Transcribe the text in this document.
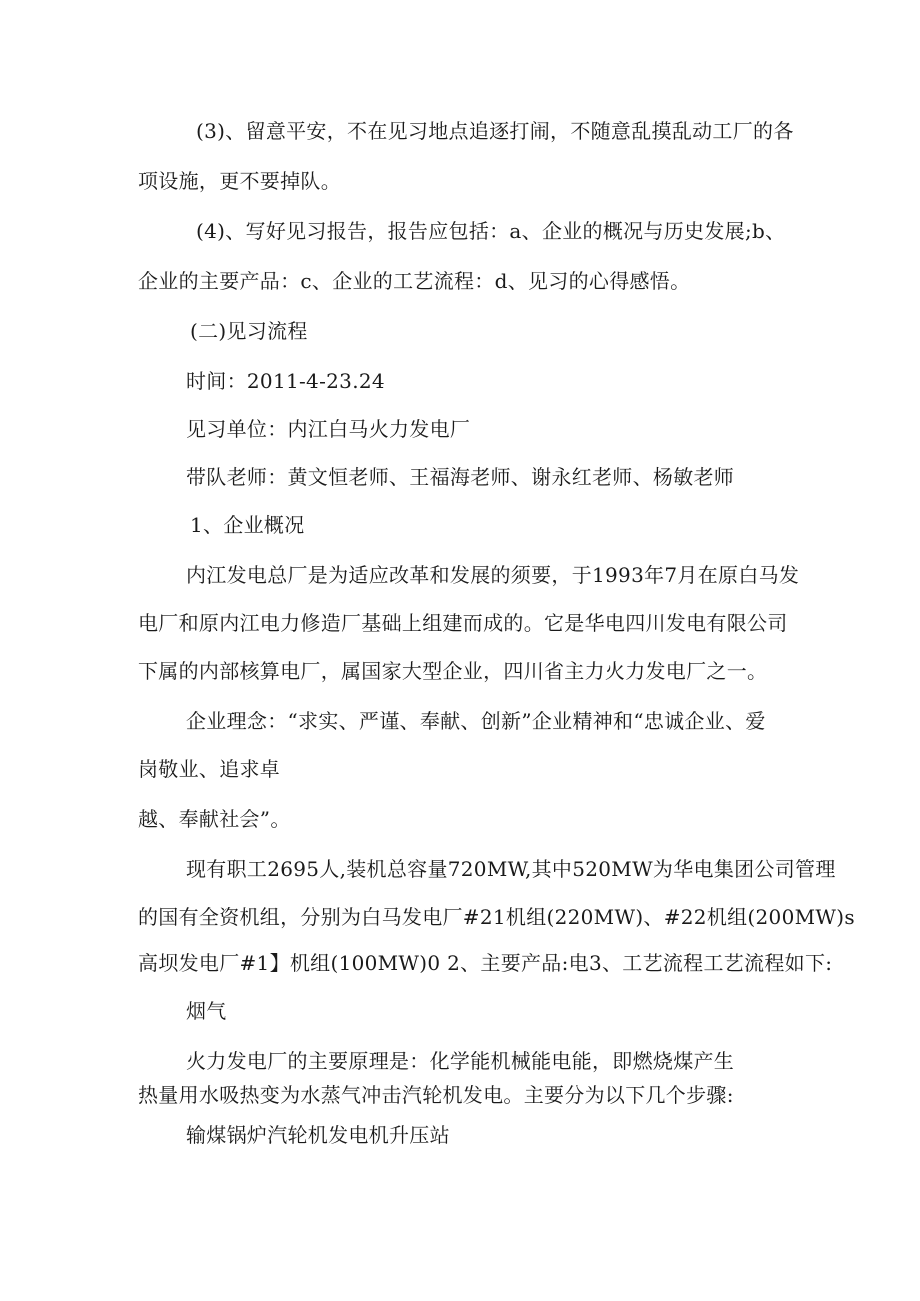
(3)、留意平安，不在见习地点追逐打闹，不随意乱摸乱动工厂的各
项设施，更不要掉队。
(4)、写好见习报告，报告应包括：a、企业的概况与历史发展;b、
企业的主要产品：c、企业的工艺流程：d、见习的心得感悟。
(二)见习流程
时间：2011-4-23.24
见习单位：内江白马火力发电厂
带队老师：黄文恒老师、王福海老师、谢永红老师、杨敏老师
1、企业概况
内江发电总厂是为适应改革和发展的须要，于1993年7月在原白马发
电厂和原内江电力修造厂基础上组建而成的。它是华电四川发电有限公司
下属的内部核算电厂，属国家大型企业，四川省主力火力发电厂之一。
企业理念：“求实、严谨、奉献、创新”企业精神和“忠诚企业、爱
岗敬业、追求卓
越、奉献社会”。
现有职工2695人,装机总容量720MW,其中520MW为华电集团公司管理
的国有全资机组，分别为白马发电厂#21机组(220MW)、#22机组(200MW)s
高坝发电厂#1】机组(100MW)0 2、主要产品:电3、工艺流程工艺流程如下:
烟气
火力发电厂的主要原理是：化学能机械能电能，即燃烧煤产生
热量用水吸热变为水蒸气冲击汽轮机发电。主要分为以下几个步骤:
输煤锅炉汽轮机发电机升压站
